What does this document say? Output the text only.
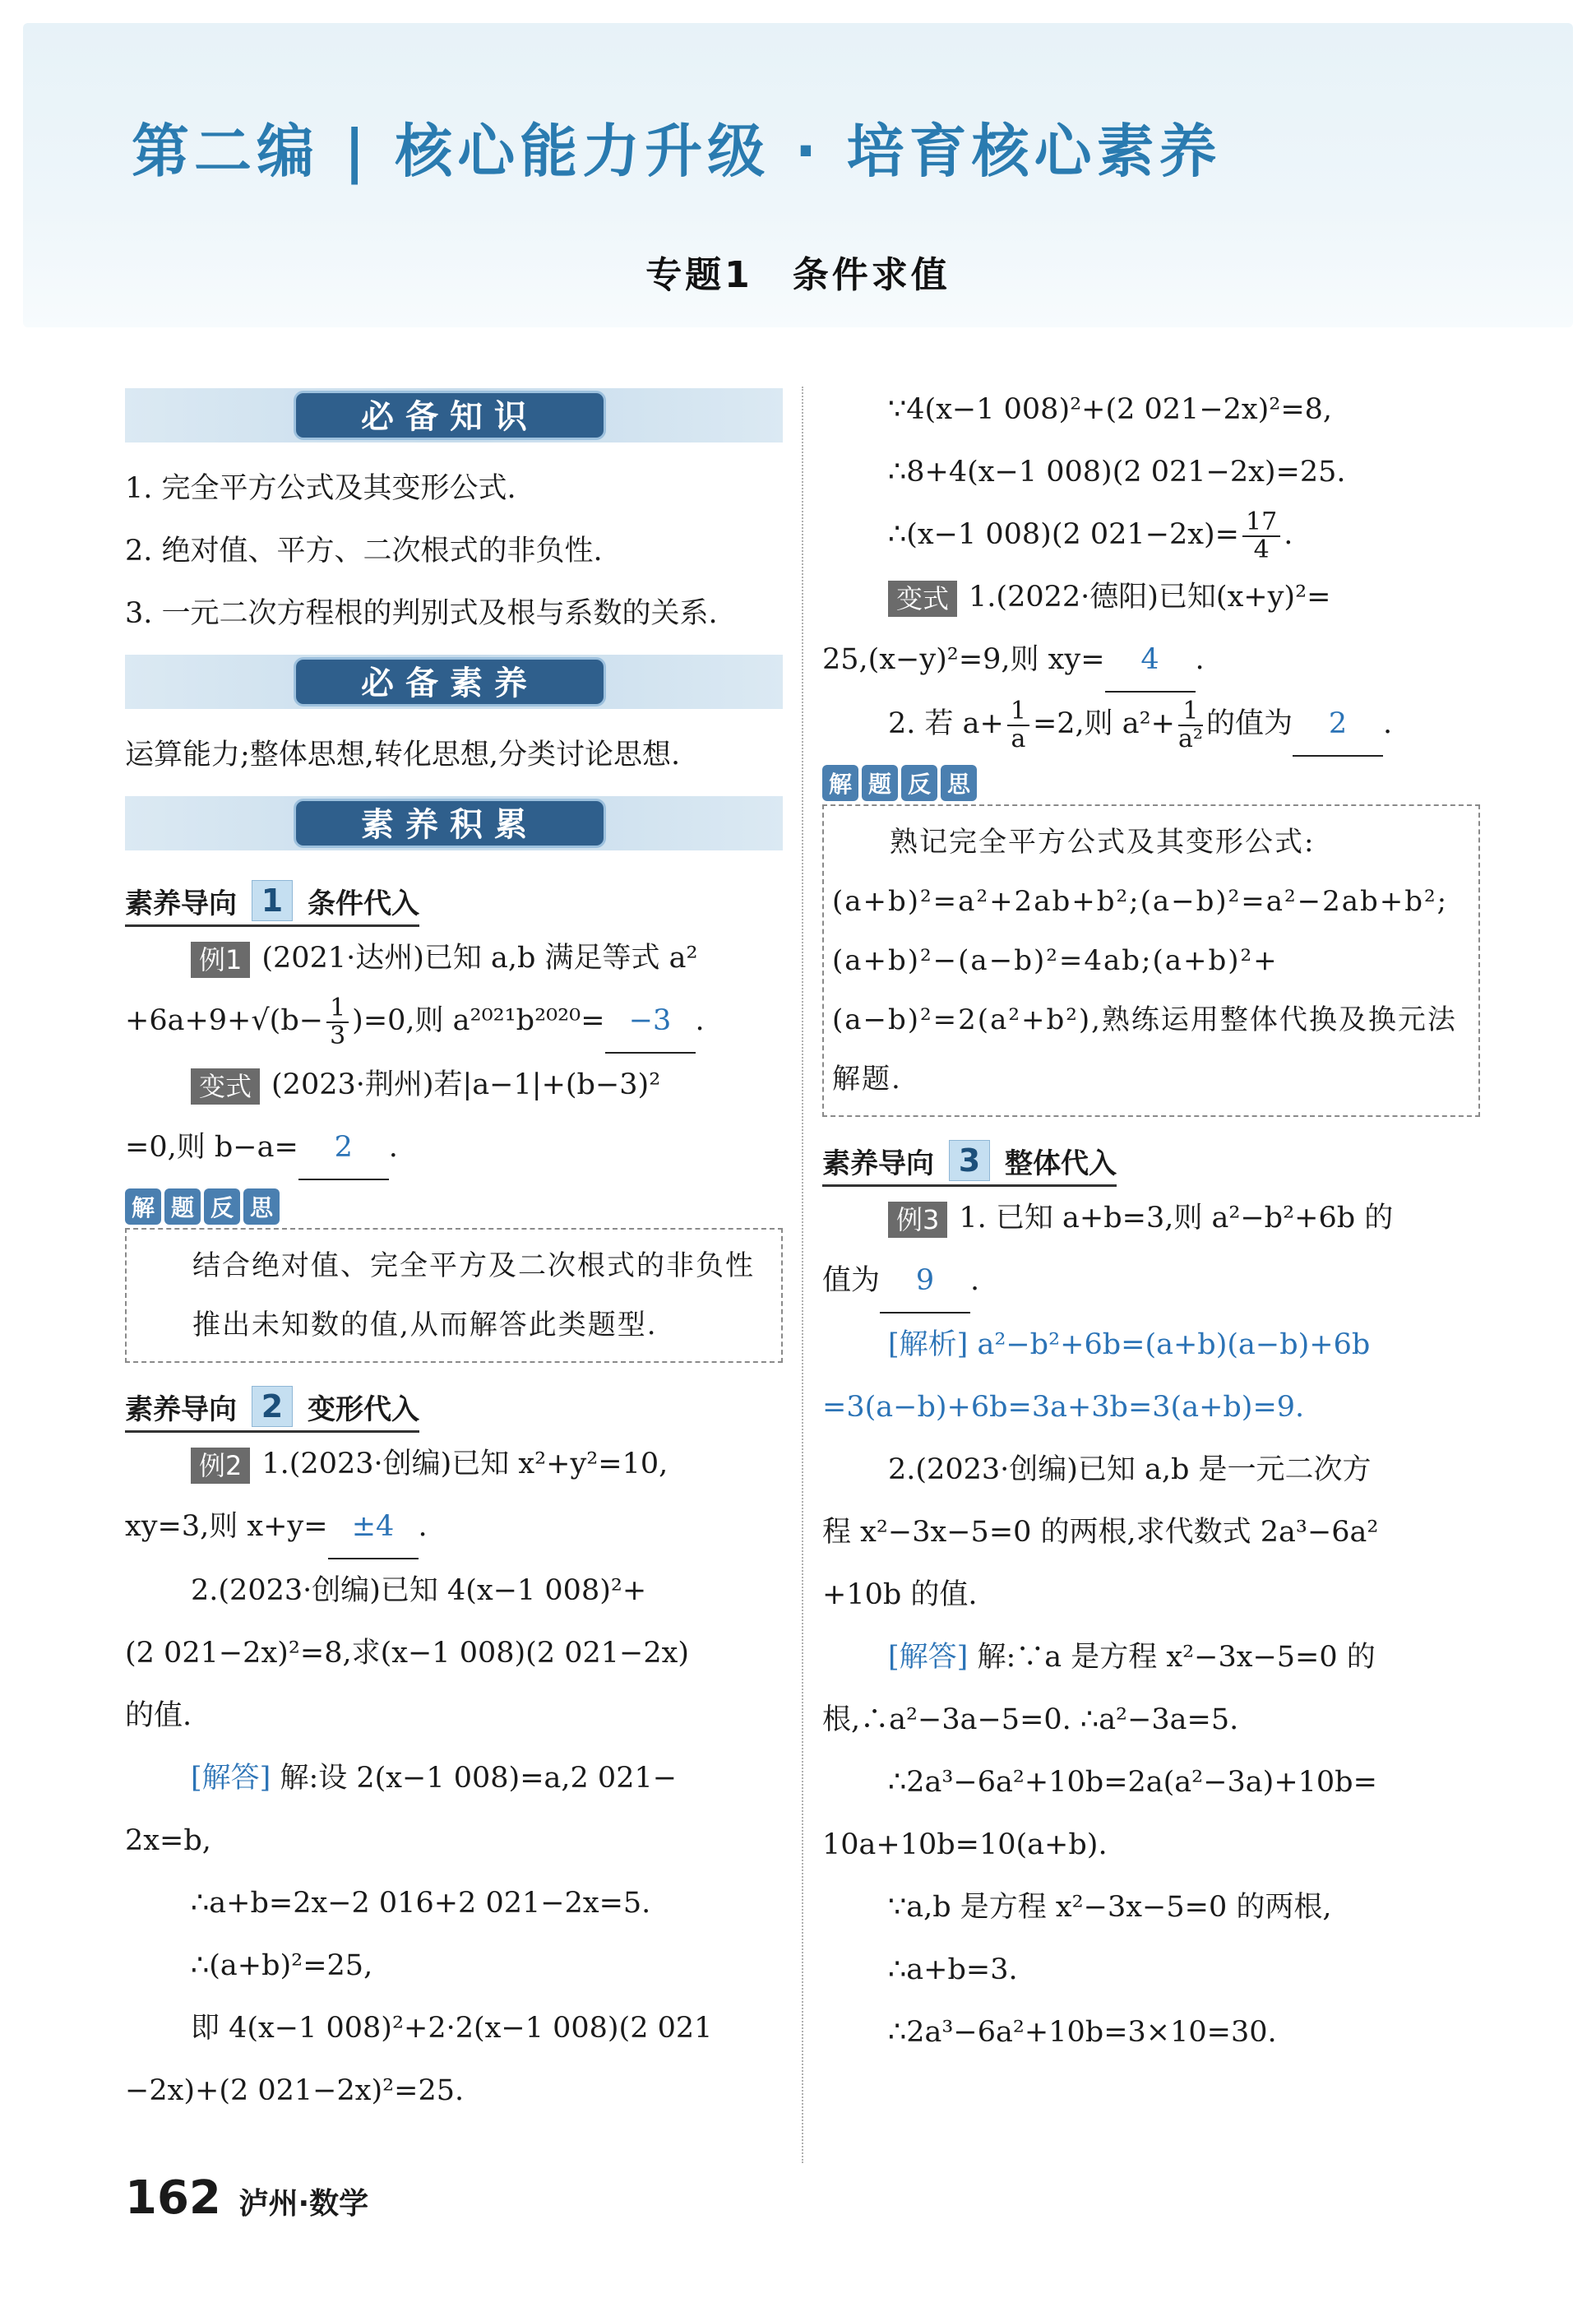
第二编 | 核心能力升级 · 培育核心素养
专题1　条件求值
必备知识

1. 完全平方公式及其变形公式.

2. 绝对值、平方、二次根式的非负性.

3. 一元二次方程根的判别式及根与系数的关系.

必备素养

运算能力;整体思想,转化思想,分类讨论思想.

素养积累
素养导向 1 条件代入

例1 (2021·达州)已知 a,b 满足等式 a²

$+6a+9+√(b- \frac{1}{3} )=0$,则 a²⁰²¹b²⁰²⁰= −3 .

变式 (2023·荆州)若|a−1|+(b−3)²

=0,则 b−a= 2 .

解 题 反 思

结合绝对值、完全平方及二次根式的非负性推出未知数的值,从而解答此类题型.

素养导向 2 变形代入

例2 1.(2023·创编)已知 x²+y²=10,

xy=3,则 x+y= ±4 .

2.(2023·创编)已知 4(x−1 008)²+

(2 021−2x)²=8,求(x−1 008)(2 021−2x)

的值.

[解答] 解:设 2(x−1 008)=a,2 021−

2x=b,

∴a+b=2x−2 016+2 021−2x=5.

∴(a+b)²=25,

即 4(x−1 008)²+2·2(x−1 008)(2 021

−2x)+(2 021−2x)²=25.

∵4(x−1 008)²+(2 021−2x)²=8,

∴8+4(x−1 008)(2 021−2x)=25.

∴(x−1 008)(2 $021-2x)= \frac{17}{4}$ .

变式 1.(2022·德阳)已知(x+y)²=

25,(x−y)²=9,则 xy= 4 .

2. 若 $a+ \frac{1}{a} =2$,则 $a^2+ \frac{1}{\text{a²}}$ 的值为 2 .

解 题 反 思

熟记完全平方公式及其变形公式:(a+b)²=a²+2ab+b²;(a−b)²=a²−2ab+b²;(a+b)²−(a−b)²=4ab;(a+b)²+(a−b)²=2(a²+b²),熟练运用整体代换及换元法解题.

素养导向 3 整体代入

例3 1. 已知 a+b=3,则 a²−b²+6b 的

值为 9 .

[解析] a²−b²+6b=(a+b)(a−b)+6b

=3(a−b)+6b=3a+3b=3(a+b)=9.

2.(2023·创编)已知 a,b 是一元二次方

程 x²−3x−5=0 的两根,求代数式 2a³−6a²

+10b 的值.

[解答] 解:∵a 是方程 x²−3x−5=0 的

根,∴a²−3a−5=0. ∴a²−3a=5.

∴2a³−6a²+10b=2a(a²−3a)+10b=

10a+10b=10(a+b).

∵a,b 是方程 x²−3x−5=0 的两根,

∴a+b=3.

∴2a³−6a²+10b=3×10=30.

162 泸州·数学
